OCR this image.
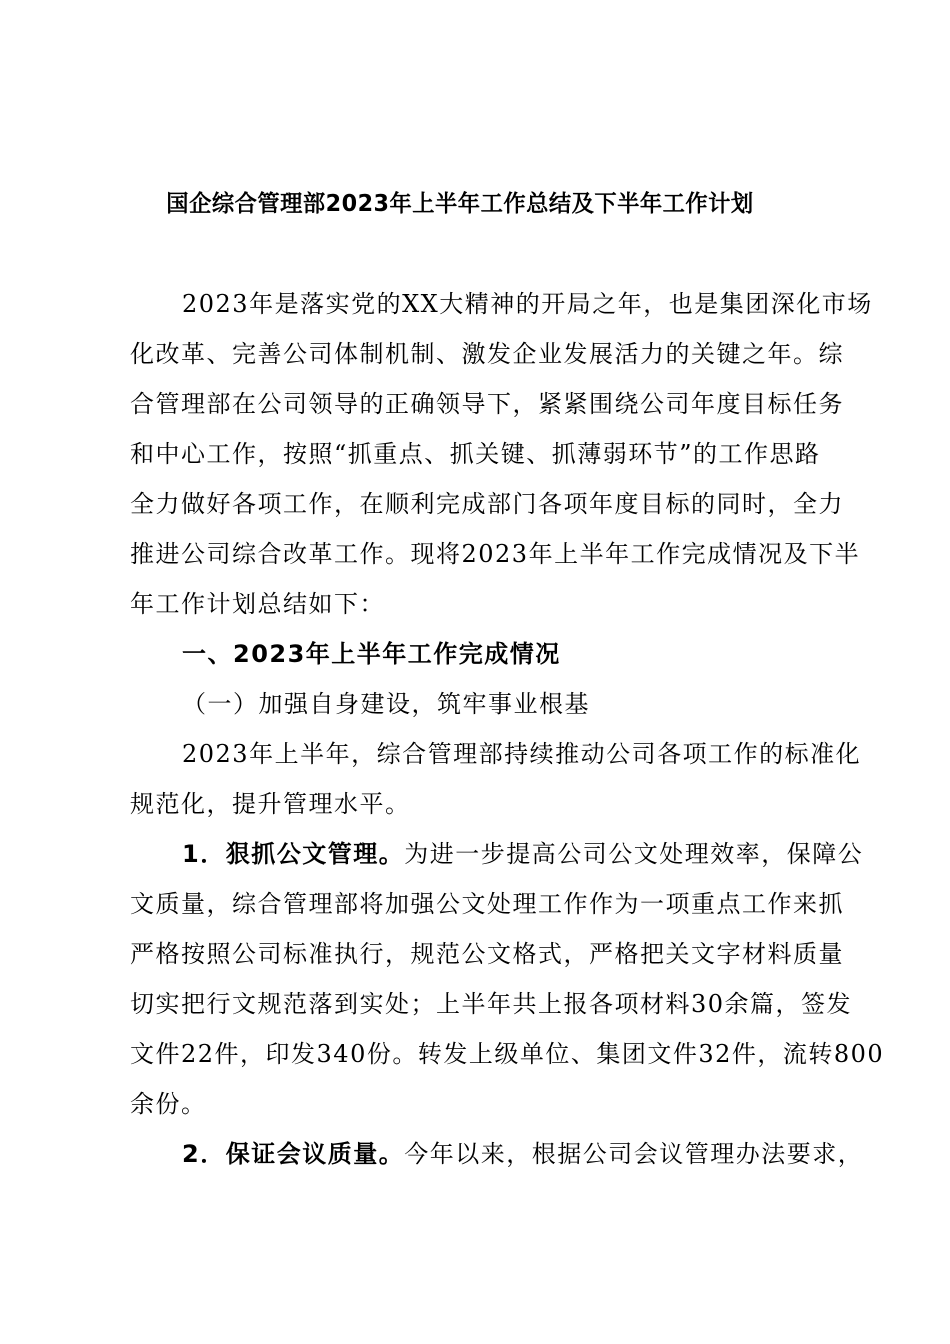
国企综合管理部2023年上半年工作总结及下半年工作计划
2023年是落实党的XX大精神的开局之年，也是集团深化市场
化改革、完善公司体制机制、激发企业发展活力的关键之年。综
合管理部在公司领导的正确领导下，紧紧围绕公司年度目标任务
和中心工作，按照“抓重点、抓关键、抓薄弱环节”的工作思路
全力做好各项工作，在顺利完成部门各项年度目标的同时，全力
推进公司综合改革工作。现将2023年上半年工作完成情况及下半
年工作计划总结如下：
一、2023年上半年工作完成情况
（一）加强自身建设，筑牢事业根基
2023年上半年，综合管理部持续推动公司各项工作的标准化
规范化，提升管理水平。
1．狠抓公文管理。为进一步提高公司公文处理效率，保障公
文质量，综合管理部将加强公文处理工作作为一项重点工作来抓
严格按照公司标准执行，规范公文格式，严格把关文字材料质量
切实把行文规范落到实处；上半年共上报各项材料30余篇，签发
文件22件，印发340份。转发上级单位、集团文件32件，流转800
余份。
2．保证会议质量。今年以来，根据公司会议管理办法要求，
